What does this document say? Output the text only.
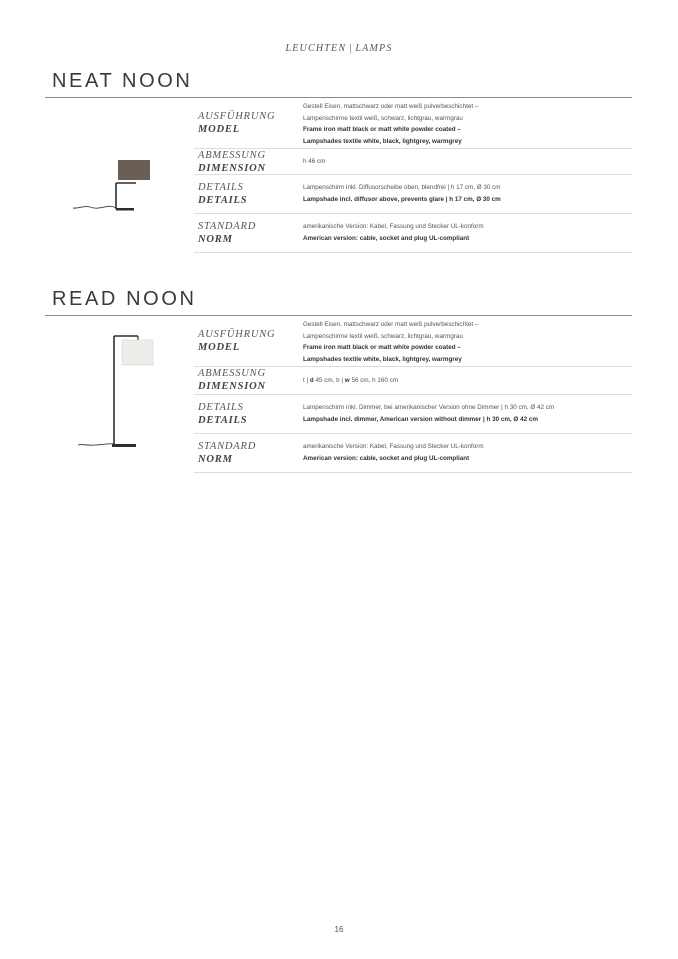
LEUCHTEN | LAMPS
NEAT NOON
AUSFÜHRUNG
MODEL
Gestell Eisen, mattschwarz oder matt weiß pulverbeschichtet –
Lampenschirme textil weiß, schwarz, lichtgrau, warmgrau
Frame iron matt black or matt white powder coated –
Lampshades textile white, black, lightgrey, warmgrey
ABMESSUNG
DIMENSION
h 46 cm
DETAILS
DETAILS
Lampenschirm inkl. Diffusorscheibe oben, blendfrei | h 17 cm, Ø 30 cm
Lampshade incl. diffusor above, prevents glare | h 17 cm, Ø 30 cm
STANDARD
NORM
amerikanische Version: Kabel, Fassung und Stecker UL-konform
American version: cable, socket and plug UL-compliant
READ NOON
AUSFÜHRUNG
MODEL
Gestell Eisen, mattschwarz oder matt weiß pulverbeschichtet –
Lampenschirme textil weiß, schwarz, lichtgrau, warmgrau
Frame iron matt black or matt white powder coated –
Lampshades textile white, black, lightgrey, warmgrey
ABMESSUNG
DIMENSION
t | d 45 cm, b | w 56 cm, h 160 cm
DETAILS
DETAILS
Lampenschirm inkl. Dimmer, bei amerikanischer Version ohne Dimmer | h 30 cm, Ø 42 cm
Lampshade incl. dimmer, American version without dimmer | h 30 cm, Ø 42 cm
STANDARD
NORM
amerikanische Version: Kabel, Fassung und Stecker UL-konform
American version: cable, socket and plug UL-compliant
16
